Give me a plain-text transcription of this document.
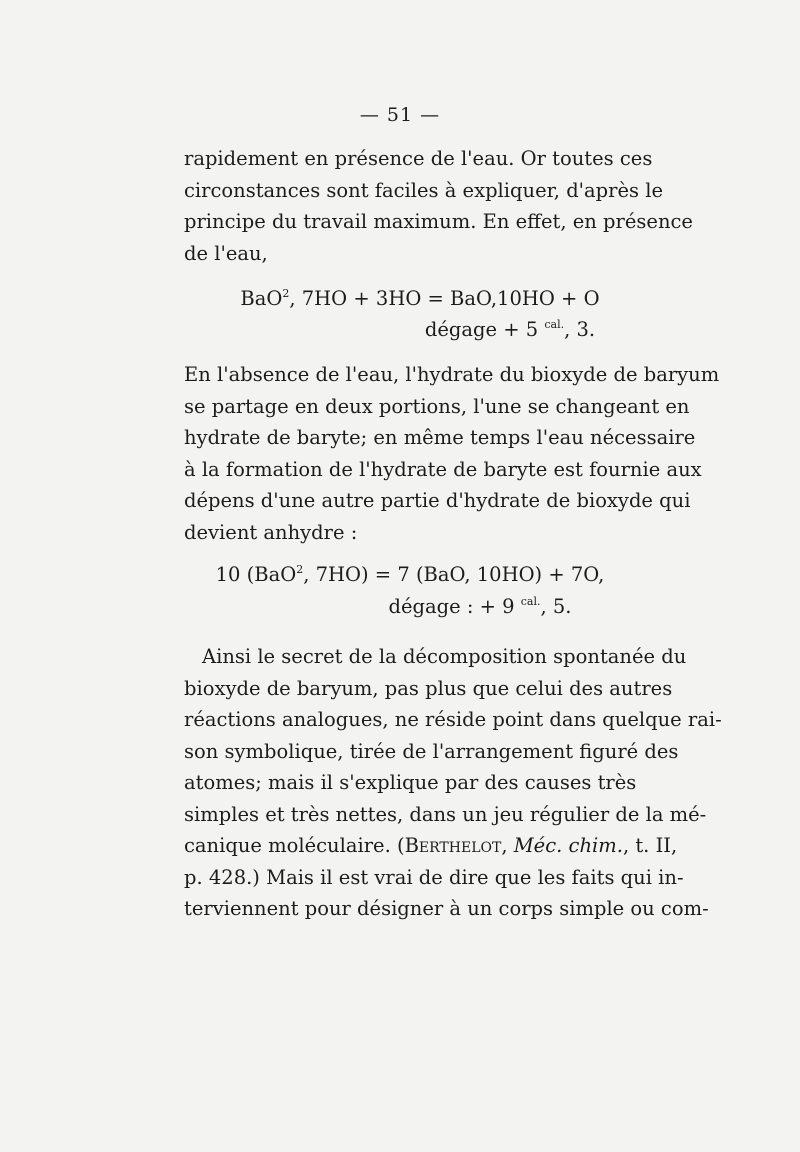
— 51 —
rapidement en présence de l'eau. Or toutes ces
circonstances sont faciles à expliquer, d'après le
principe du travail maximum. En effet, en présence
de l'eau,
BaO$^2$, 7HO + 3HO = BaO,10HO + O
dégage + 5 $^{cal.}$, 3.
En l'absence de l'eau, l'hydrate du bioxyde de baryum
se partage en deux portions, l'une se changeant en
hydrate de baryte; en même temps l'eau nécessaire
à la formation de l'hydrate de baryte est fournie aux
dépens d'une autre partie d'hydrate de bioxyde qui
devient anhydre :
10 (BaO$^2$, 7HO) = 7 (BaO, 10HO) + 7O,
dégage : + 9 $^{cal.}$, 5.
Ainsi le secret de la décomposition spontanée du
bioxyde de baryum, pas plus que celui des autres
réactions analogues, ne réside point dans quelque rai-
son symbolique, tirée de l'arrangement figuré des
atomes; mais il s'explique par des causes très
simples et très nettes, dans un jeu régulier de la mé-
canique moléculaire. (Berthelot, Méc. chim., t. II,
p. 428.) Mais il est vrai de dire que les faits qui in-
terviennent pour désigner à un corps simple ou com-
